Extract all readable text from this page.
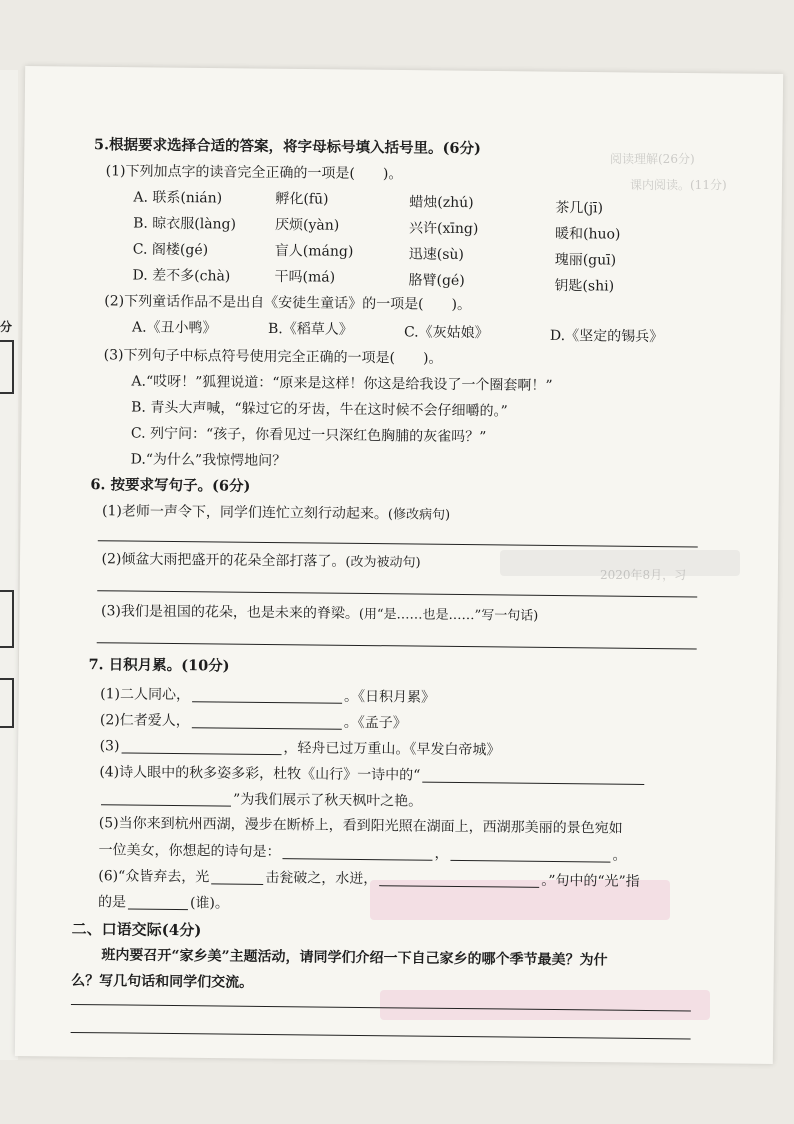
分
阅读理解(26分)
课内阅读。(11分)
2020年8月，习
5.根据要求选择合适的答案，将字母标号填入括号里。(6分)
(1)下列加点字的读音完全正确的一项是(　　)。
A. 联系(nián)	孵化(fū)	蜡烛(zhú)	茶几(jī)
B. 晾衣服(làng)	厌烦(yàn)	兴许(xīng)	暖和(huo)
C. 阁楼(gé)	盲人(máng)	迅速(sù)	瑰丽(guī)
D. 差不多(chà)	干吗(má)	胳臂(gé)	钥匙(shi)
(2)下列童话作品不是出自《安徒生童话》的一项是(　　)。
A.《丑小鸭》	B.《稻草人》	C.《灰姑娘》	D.《坚定的锡兵》
(3)下列句子中标点符号使用完全正确的一项是(　　)。
A.“哎呀！”狐狸说道：“原来是这样！你这是给我设了一个圈套啊！”
B. 青头大声喊，“躲过它的牙齿，牛在这时候不会仔细嚼的。”
C. 列宁问：“孩子，你看见过一只深红色胸脯的灰雀吗？”
D.“为什么”我惊愕地问？
6. 按要求写句子。(6分)
(1)老师一声令下，同学们连忙立刻行动起来。(修改病句)
(2)倾盆大雨把盛开的花朵全部打落了。(改为被动句)
(3)我们是祖国的花朵，也是未来的脊梁。(用“是……也是……”写一句话)
7. 日积月累。(10分)
(1)二人同心，	。《日积月累》
(2)仁者爱人，	。《孟子》
(3)	，轻舟已过万重山。《早发白帝城》
(4)诗人眼中的秋多姿多彩，杜牧《山行》一诗中的“
”为我们展示了秋天枫叶之艳。
(5)当你来到杭州西湖，漫步在断桥上，看到阳光照在湖面上，西湖那美丽的景色宛如
一位美女，你想起的诗句是：	，	。
(6)“众皆弃去，光	击瓮破之，水迸，	。”句中的“光”指
的是	(谁)。
二、口语交际(4分)
班内要召开“家乡美”主题活动，请同学们介绍一下自己家乡的哪个季节最美？为什
么？写几句话和同学们交流。
